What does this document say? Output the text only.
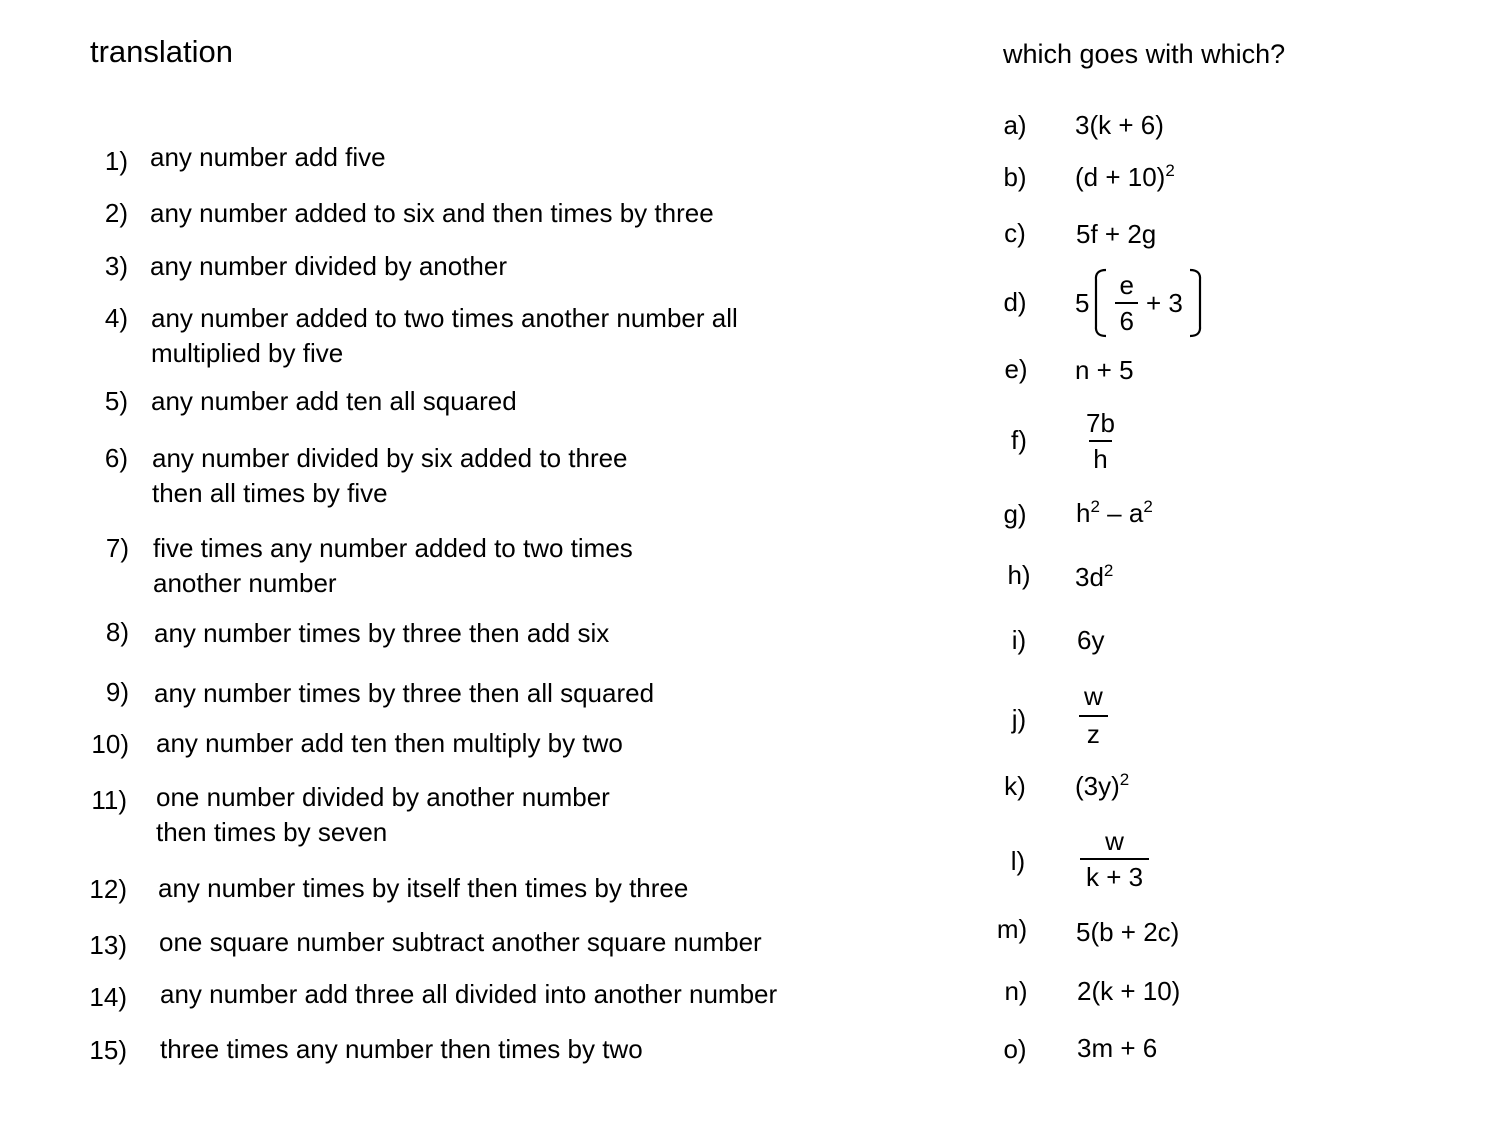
translation	which goes with which?
1) any number add five
2) any number added to six and then times by three
3) any number divided by another
4) any number added to two times another number all
multiplied by five
5) any number add ten all squared
6) any number divided by six added to three
then all times by five
7) five times any number added to two times
another number
8) any number times by three then add six
9) any number times by three then all squared
10) any number add ten then multiply by two
11) one number divided by another number
then times by seven
12) any number times by itself then times by three
13) one square number subtract another square number
14) any number add three all divided into another number
15) three times any number then times by two
a) 3(k + 6)
b) $(d + 10)^2$
c) 5f + 2g
d) $5 \frac{e}{6} + 3$
e) n + 5
f)	$\frac{7b}{h}$
g) $h^2 - a^2$
h) $3d^2$
i)	6y
j)	$\frac{w}{z}$
k) $(3y)^2$
l)	$\frac{w}{k + 3}$
m) 5(b + 2c)
n) 2(k + 10)
o) 3m + 6
